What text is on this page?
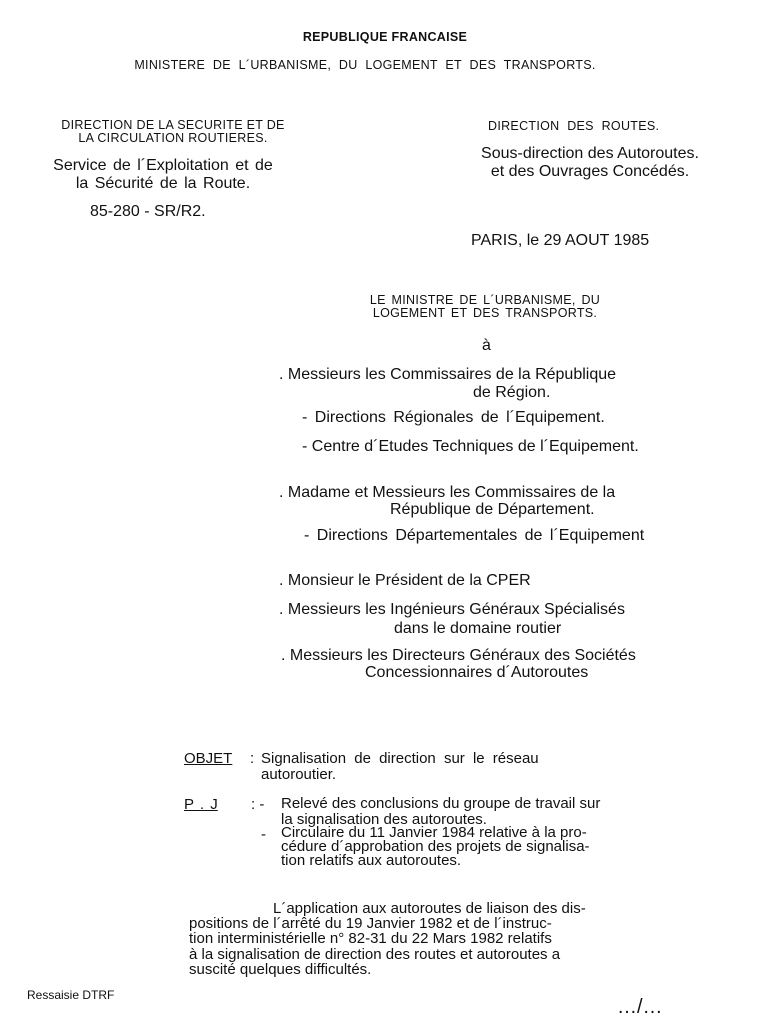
REPUBLIQUE FRANCAISE
MINISTERE DE L´URBANISME, DU LOGEMENT ET DES TRANSPORTS.
DIRECTION DE LA SECURITE ET DE
LA CIRCULATION ROUTIERES.
Service de l´Exploitation et de
la Sécurité de la Route.
85-280 - SR/R2.
DIRECTION DES ROUTES.
Sous-direction des Autoroutes.
et des Ouvrages Concédés.
PARIS, le 29 AOUT 1985
LE MINISTRE DE L´URBANISME, DU
LOGEMENT ET DES TRANSPORTS.
à
. Messieurs les Commissaires de la République
de Région.
- Directions Régionales de l´Equipement.
- Centre d´Etudes Techniques de l´Equipement.
. Madame et Messieurs les Commissaires de la
République de Département.
- Directions Départementales de l´Equipement
. Monsieur le Président de la CPER
. Messieurs les Ingénieurs Généraux Spécialisés
dans le domaine routier
. Messieurs les Directeurs Généraux des Sociétés
Concessionnaires d´Autoroutes
OBJET : Signalisation de direction sur le réseau
autoroutier.
P . J : - Relevé des conclusions du groupe de travail sur
la signalisation des autoroutes.
- Circulaire du 11 Janvier 1984 relative à la pro-
cédure d´approbation des projets de signalisa-
tion relatifs aux autoroutes.
L´application aux autoroutes de liaison des dis-
positions de l´arrêté du 19 Janvier 1982 et de l´instruc-
tion interministérielle n° 82-31 du 22 Mars 1982 relatifs
à la signalisation de direction des routes et autoroutes a
suscité quelques difficultés.
Ressaisie DTRF
…/…
